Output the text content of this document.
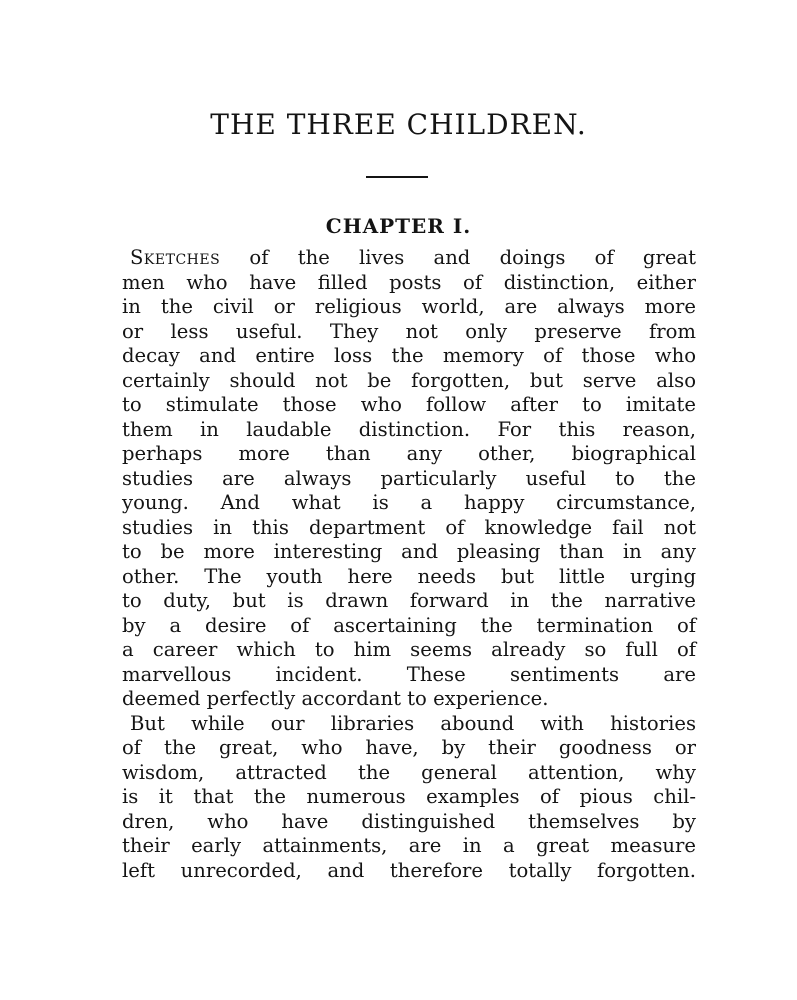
THE THREE CHILDREN.
CHAPTER I.
Sketches of the lives and doings of great
men who have filled posts of distinction, either
in the civil or religious world, are always more
or less useful. They not only preserve from
decay and entire loss the memory of those who
certainly should not be forgotten, but serve also
to stimulate those who follow after to imitate
them in laudable distinction. For this reason,
perhaps more than any other, biographical
studies are always particularly useful to the
young. And what is a happy circumstance,
studies in this department of knowledge fail not
to be more interesting and pleasing than in any
other. The youth here needs but little urging
to duty, but is drawn forward in the narrative
by a desire of ascertaining the termination of
a career which to him seems already so full of
marvellous incident. These sentiments are
deemed perfectly accordant to experience.
But while our libraries abound with histories
of the great, who have, by their goodness or
wisdom, attracted the general attention, why
is it that the numerous examples of pious chil-
dren, who have distinguished themselves by
their early attainments, are in a great measure
left unrecorded, and therefore totally forgotten.
